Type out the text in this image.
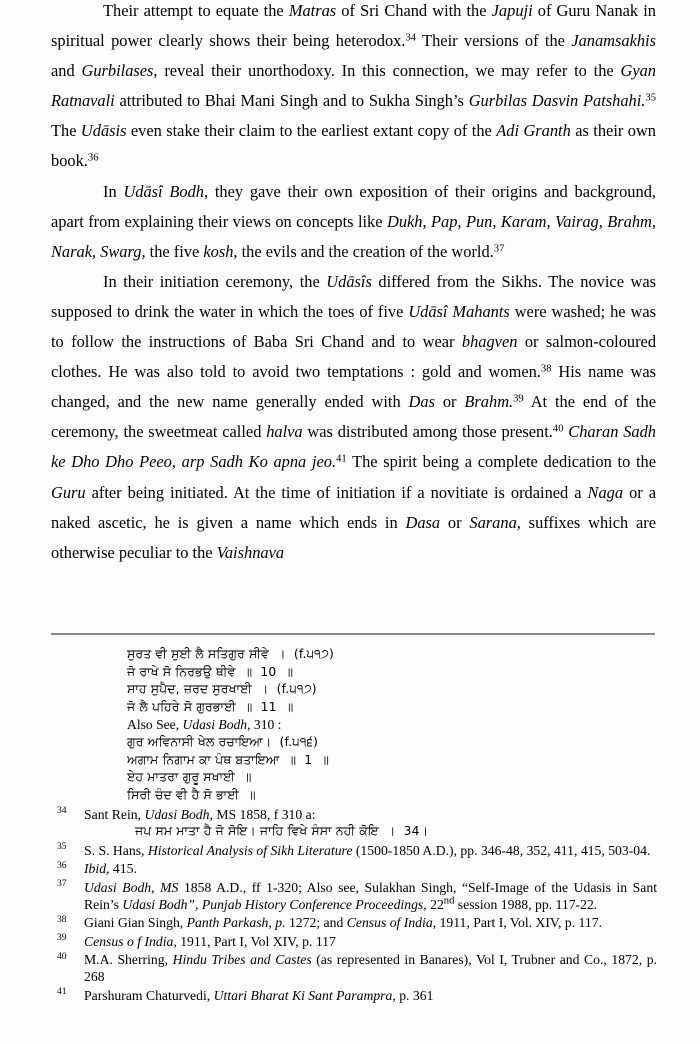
Their attempt to equate the Matras of Sri Chand with the Japuji of Guru Nanak in spiritual power clearly shows their being heterodox.$^{34}$ Their versions of the Janamsakhis and Gurbilases, reveal their unorthodoxy. In this connection, we may refer to the Gyan Ratnavali attributed to Bhai Mani Singh and to Sukha Singh’s Gurbilas Dasvin Patshahi.$^{35}$ The Udāsis even stake their claim to the earliest extant copy of the Adi Granth as their own book.$^{36}$

In Udāsî Bodh, they gave their own exposition of their origins and background, apart from explaining their views on concepts like Dukh, Pap, Pun, Karam, Vairag, Brahm, Narak, Swarg, the five kosh, the evils and the creation of the world.$^{37}$

In their initiation ceremony, the Udāsîs differed from the Sikhs. The novice was supposed to drink the water in which the toes of five Udāsî Mahants were washed; he was to follow the instructions of Baba Sri Chand and to wear bhagven or salmon-coloured clothes. He was also told to avoid two temptations : gold and women.$^{38}$ His name was changed, and the new name generally ended with Das or Brahm.$^{39}$ At the end of the ceremony, the sweetmeat called halva was distributed among those present.$^{40}$ Charan Sadh ke Dho Dho Peeo, arp Sadh Ko apna jeo.$^{41}$ The spirit being a complete dedication to the Guru after being initiated. At the time of initiation if a novitiate is ordained a Naga or a naked ascetic, he is given a name which ends in Dasa or Sarana, suffixes which are otherwise peculiar to the Vaishnava

ਸੁਰਤ ਵੀ ਸੁਈ ਲੈ ਸਤਿਗੁਰ ਸੀਵੇ  ।  (f.੫੧੭)
ਜੋ ਰਾਖੇ ਸੋ ਨਿਰਭਉ ਥੀਵੇ  ॥  10  ॥
ਸਾਹ ਸੁਪੈਦ, ਜ਼ਰਦ ਸੁਰਖਾਈ  ।  (f.੫੧੭)
ਜੋ ਲੈ ਪਹਿਰੇ ਸੋ ਗੁਰਭਾਈ  ॥  11  ॥
Also See, Udasi Bodh, 310 :
ਗੁਰ ਅਵਿਨਾਸੀ ਖੇਲ ਰਚਾਇਆ।  (f.੫੧੬)
ਅਗਾਮ ਨਿਗਾਮ ਕਾ ਪੰਥ ਬਤਾਇਆ  ॥  1  ॥
ਏਹ ਮਾਤਰਾ ਗੁਰੂ ਸਖਾਈ  ॥
ਸਿਰੀ ਚੰਦ ਵੀ ਹੈ ਸੋ ਭਾਈ  ॥
34 Sant Rein, Udasi Bodh, MS 1858, f 310 a:
ਜਪ ਸਮ ਮਾਤਾ ਹੈ ਜੋ ਸੋਇ। ਜਾਹਿ ਵਿਖੇ ਸੰਸਾ ਨਹੀ ਕੋਇ  ।  34।
35 S. S. Hans, Historical Analysis of Sikh Literature (1500-1850 A.D.), pp. 346-48, 352, 411, 415, 503-04.
36 Ibid, 415.
37 Udasi Bodh, MS 1858 A.D., ff 1-320; Also see, Sulakhan Singh, “Self-Image of the Udasis in Sant Rein’s Udasi Bodh”, Punjab History Conference Proceedings, 22nd session 1988, pp. 117-22.
38 Giani Gian Singh, Panth Parkash, p. 1272; and Census of India, 1911, Part I, Vol. XIV, p. 117.
39 Census o f India, 1911, Part I, Vol XIV, p. 117
40 M.A. Sherring, Hindu Tribes and Castes (as represented in Banares), Vol I, Trubner and Co., 1872, p. 268
41 Parshuram Chaturvedi, Uttari Bharat Ki Sant Parampra, p. 361
